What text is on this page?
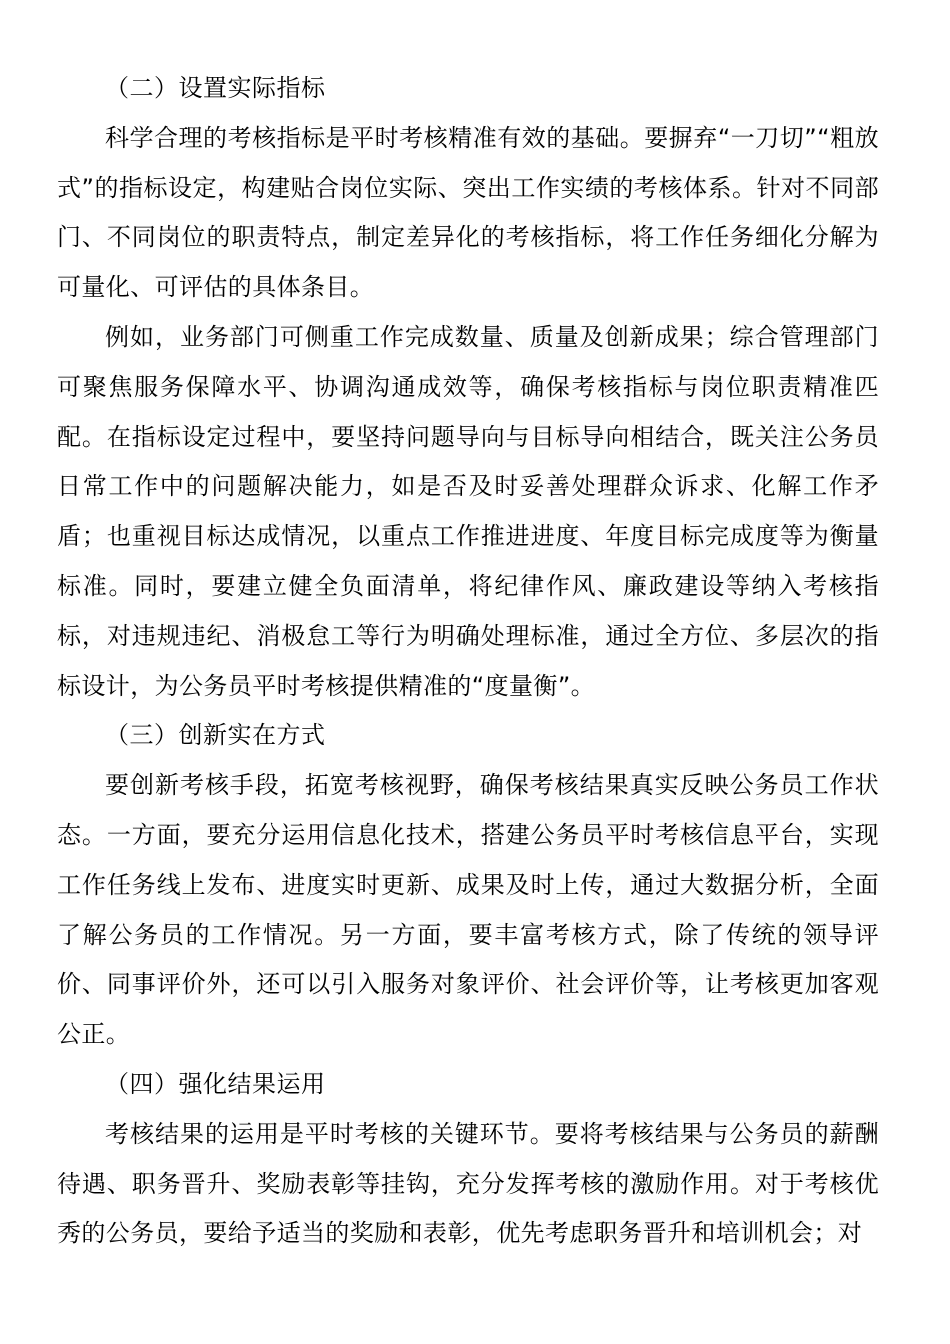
（二）设置实际指标

科学合理的考核指标是平时考核精准有效的基础。要摒弃“一刀切”“粗放式”的指标设定，构建贴合岗位实际、突出工作实绩的考核体系。针对不同部门、不同岗位的职责特点，制定差异化的考核指标，将工作任务细化分解为可量化、可评估的具体条目。

例如，业务部门可侧重工作完成数量、质量及创新成果；综合管理部门可聚焦服务保障水平、协调沟通成效等，确保考核指标与岗位职责精准匹配。在指标设定过程中，要坚持问题导向与目标导向相结合，既关注公务员日常工作中的问题解决能力，如是否及时妥善处理群众诉求、化解工作矛盾；也重视目标达成情况，以重点工作推进进度、年度目标完成度等为衡量标准。同时，要建立健全负面清单，将纪律作风、廉政建设等纳入考核指标，对违规违纪、消极怠工等行为明确处理标准，通过全方位、多层次的指标设计，为公务员平时考核提供精准的“度量衡”。

（三）创新实在方式

要创新考核手段，拓宽考核视野，确保考核结果真实反映公务员工作状态。一方面，要充分运用信息化技术，搭建公务员平时考核信息平台，实现工作任务线上发布、进度实时更新、成果及时上传，通过大数据分析，全面了解公务员的工作情况。另一方面，要丰富考核方式，除了传统的领导评价、同事评价外，还可以引入服务对象评价、社会评价等，让考核更加客观公正。

（四）强化结果运用

考核结果的运用是平时考核的关键环节。要将考核结果与公务员的薪酬待遇、职务晋升、奖励表彰等挂钩，充分发挥考核的激励作用。对于考核优秀的公务员，要给予适当的奖励和表彰，优先考虑职务晋升和培训机会；对
